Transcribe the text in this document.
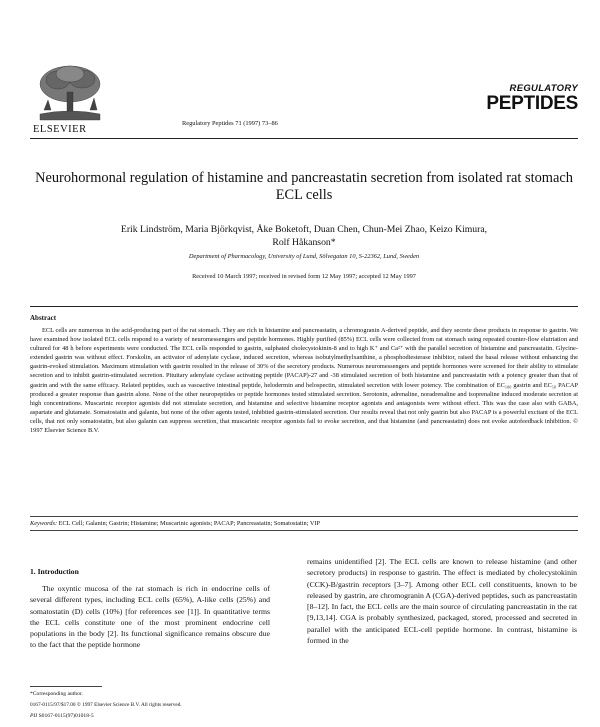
ELSEVIER
Regulatory Peptides 71 (1997) 73–86
REGULATORY
PEPTIDES
Neurohormonal regulation of histamine and pancreastatin secretion from isolated rat stomach ECL cells
Erik Lindström, Maria Björkqvist, Åke Boketoft, Duan Chen, Chun-Mei Zhao, Keizo Kimura,
Rolf Håkanson*
Department of Pharmacology, University of Lund, Sölvegatan 10, S-22362, Lund, Sweden
Received 10 March 1997; received in revised form 12 May 1997; accepted 12 May 1997
Abstract
ECL cells are numerous in the acid-producing part of the rat stomach. They are rich in histamine and pancreastatin, a chromogranin A-derived peptide, and they secrete these products in response to gastrin. We have examined how isolated ECL cells respond to a variety of neuromessengers and peptide hormones. Highly purified (85%) ECL cells were collected from rat stomach using repeated counter-flow elutriation and cultured for 48 h before experiments were conducted. The ECL cells responded to gastrin, sulphated cholecystokinin-8 and to high K⁺ and Ca²⁺ with the parallel secretion of histamine and pancreastatin. Glycine-extended gastrin was without effect. Forskolin, an activator of adenylate cyclase, induced secretion, whereas isobutylmethylxanthine, a phosphodiesterase inhibitor, raised the basal release without enhancing the gastrin-evoked stimulation. Maximum stimulation with gastrin resulted in the release of 30% of the secretory products. Numerous neuromessengers and peptide hormones were screened for their ability to stimulate secretion and to inhibit gastrin-stimulated secretion. Pituitary adenylate cyclase activating peptide (PACAP)-27 and -38 stimulated secretion of both histamine and pancreastatin with a potency greater than that of gastrin and with the same efficacy. Related peptides, such as vasoactive intestinal peptide, helodermin and helospectin, stimulated secretion with lower potency. The combination of EC₁₀₀ gastrin and EC₅₀ PACAP produced a greater response than gastrin alone. None of the other neuropeptides or peptide hormones tested stimulated secretion. Serotonin, adrenaline, noradrenaline and isoprenaline induced moderate secretion at high concentrations. Muscarinic receptor agonists did not stimulate secretion, and histamine and selective histamine receptor agonists and antagonists were without effect. This was the case also with GABA, aspartate and glutamate. Somatostatin and galanin, but none of the other agents tested, inhibited gastrin-stimulated secretion. Our results reveal that not only gastrin but also PACAP is a powerful excitant of the ECL cells, that not only somatostatin, but also galanin can suppress secretion, that muscarinic receptor agonists fail to evoke secretion, and that histamine (and pancreastatin) does not evoke autofeedback inhibition. © 1997 Elsevier Science B.V.
Keywords: ECL Cell; Galanin; Gastrin; Histamine; Muscarinic agonists; PACAP; Pancreastatin; Somatostatin; VIP
1. Introduction
The oxyntic mucosa of the rat stomach is rich in endocrine cells of several different types, including ECL cells (65%), A-like cells (25%) and somatostatin (D) cells (10%) [for references see [1]]. In quantitative terms the ECL cells constitute one of the most prominent endocrine cell populations in the body [2]. Its functional significance remains obscure due to the fact that the peptide hormone
remains unidentified [2]. The ECL cells are known to release histamine (and other secretory products) in response to gastrin. The effect is mediated by cholecystokinin (CCK)-B/gastrin receptors [3–7]. Among other ECL cell constituents, known to be released by gastrin, are chromogranin A (CGA)-derived peptides, such as pancreastatin [8–12]. In fact, the ECL cells are the main source of circulating pancreastatin in the rat [9,13,14]. CGA is probably synthesized, packaged, stored, processed and secreted in parallel with the anticipated ECL-cell peptide hormone. In contrast, histamine is formed in the
*Corresponding author.
0167-0115/97/$17.00 © 1997 Elsevier Science B.V. All rights reserved.
PII S0167-0115(97)01018-5
